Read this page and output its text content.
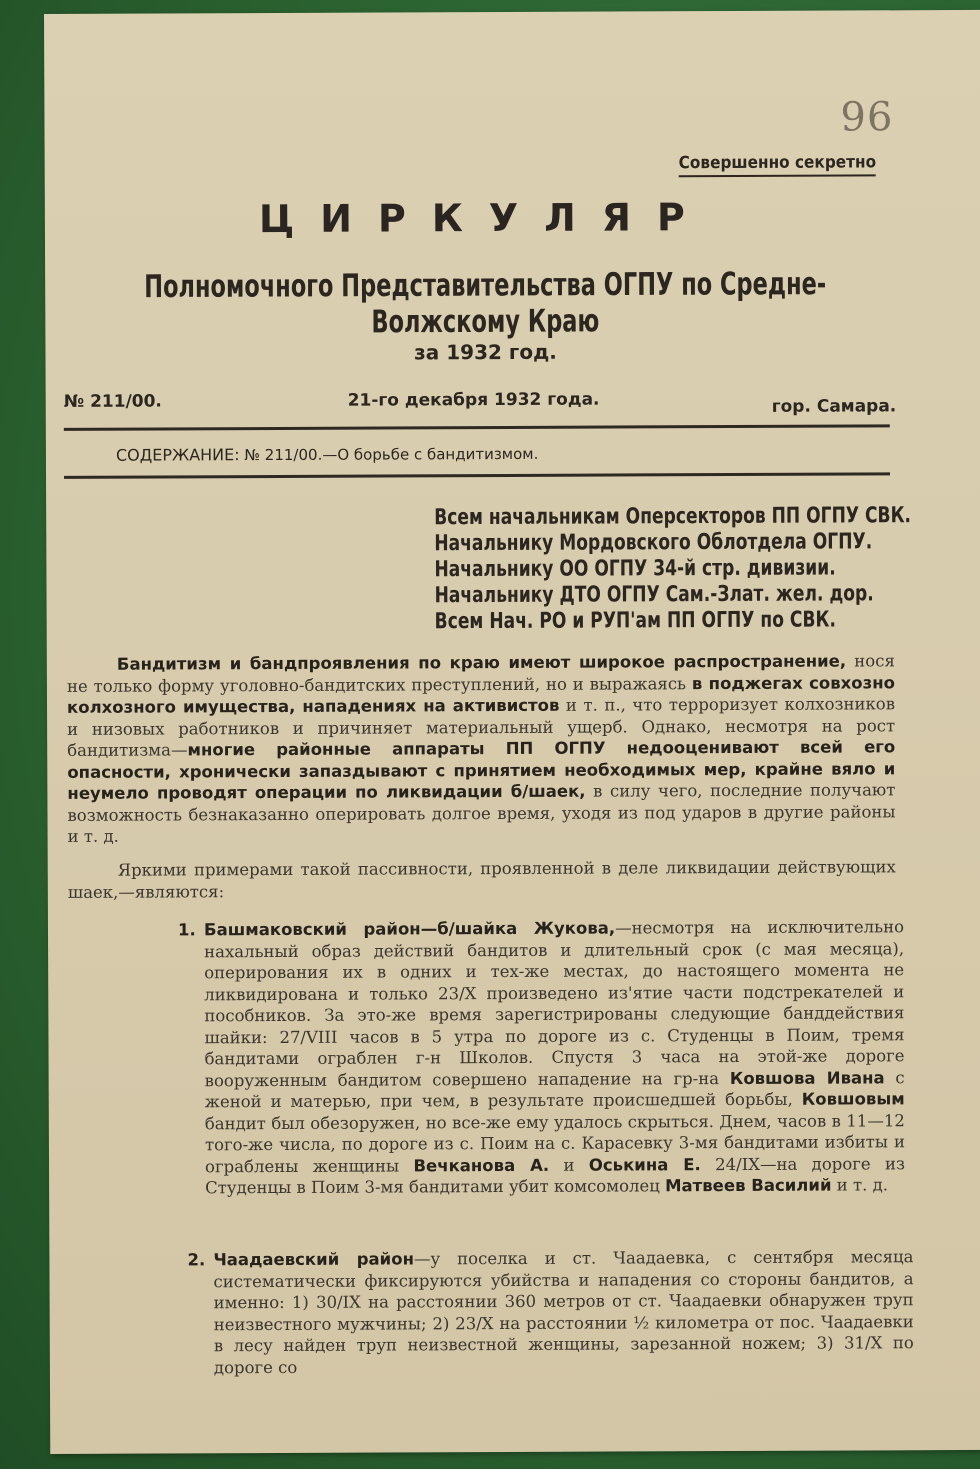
96
Совершенно секретно
ЦИРКУЛЯР
Полномочного Представительства ОГПУ по Средне-Волжскому Краю
за 1932 год.
№ 211/00.	21-го декабря 1932 года.	гор. Самара.
СОДЕРЖАНИЕ: № 211/00.—О борьбе с бандитизмом.
Всем начальникам Оперсекторов ПП ОГПУ СВК.
Начальнику Мордовского Облотдела ОГПУ.
Начальнику ОО ОГПУ 34-й стр. дивизии.
Начальнику ДТО ОГПУ Сам.-Злат. жел. дор.
Всем Нач. РО и РУП'ам ПП ОГПУ по СВК.
Бандитизм и бандпроявления по краю имеют широкое распространение, нося не только форму уголовно-бандитских преступлений, но и выражаясь в поджегах совхозно колхозного имущества, нападениях на активистов и т. п., что терроризует колхозников и низовых работников и причиняет материальный ущерб. Однако, несмотря на рост бандитизма—многие районные аппараты ПП ОГПУ недооценивают всей его опасности, хронически запаздывают с принятием необходимых мер, крайне вяло и неумело проводят операции по ликвидации б/шаек, в силу чего, последние получают возможность безнаказанно оперировать долгое время, уходя из под ударов в другие районы и т. д.
Яркими примерами такой пассивности, проявленной в деле ликвидации действующих шаек,—являются:
1. Башмаковский район—б/шайка Жукова,—несмотря на исключительно нахальный образ действий бандитов и длительный срок (с мая месяца), оперирования их в одних и тех-же местах, до настоящего момента не ликвидирована и только 23/X произведено из'ятие части подстрекателей и пособников. За это-же время зарегистрированы следующие банддействия шайки: 27/VIII часов в 5 утра по дороге из с. Студенцы в Поим, тремя бандитами ограблен г-н Школов. Спустя 3 часа на этой-же дороге вооруженным бандитом совершено нападение на гр-на Ковшова Ивана с женой и матерью, при чем, в результате происшедшей борьбы, Ковшовым бандит был обезоружен, но все-же ему удалось скрыться. Днем, часов в 11—12 того-же числа, по дороге из с. Поим на с. Карасевку 3-мя бандитами избиты и ограблены женщины Вечканова А. и Оськина Е. 24/IX—на дороге из Студенцы в Поим 3-мя бандитами убит комсомолец Матвеев Василий и т. д.
2. Чаадаевский район—у поселка и ст. Чаадаевка, с сентября месяца систематически фиксируются убийства и нападения со стороны бандитов, а именно: 1) 30/IX на расстоянии 360 метров от ст. Чаадаевки обнаружен труп неизвестного мужчины; 2) 23/X на расстоянии ½ километра от пос. Чаадаевки в лесу найден труп неизвестной женщины, зарезанной ножем; 3) 31/X по дороге со
